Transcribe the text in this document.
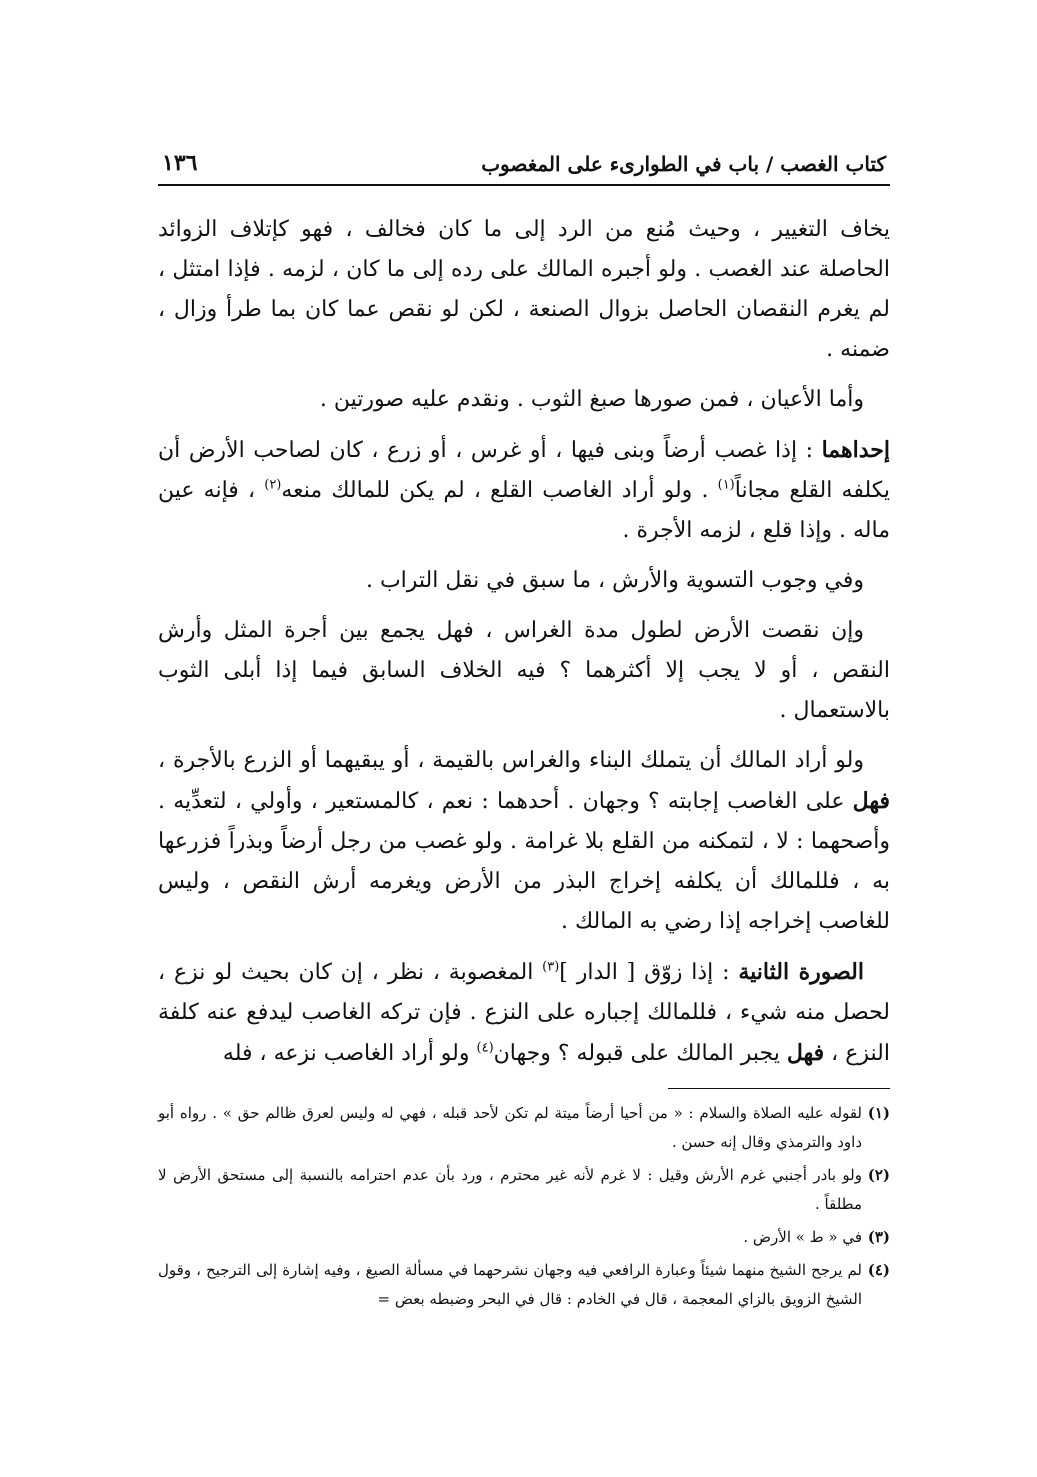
كتاب الغصب / باب في الطوارىء على المغصوب
١٣٦

يخاف التغيير ، وحيث مُنع من الرد إلى ما كان فخالف ، فهو كإتلاف الزوائد الحاصلة عند الغصب . ولو أجبره المالك على رده إلى ما كان ، لزمه . فإذا امتثل ، لم يغرم النقصان الحاصل بزوال الصنعة ، لكن لو نقص عما كان بما طرأ وزال ، ضمنه .

وأما الأعيان ، فمن صورها صبغ الثوب . ونقدم عليه صورتين .

إحداهما : إذا غصب أرضاً وبنى فيها ، أو غرس ، أو زرع ، كان لصاحب الأرض أن يكلفه القلع مجاناً$^{(١)}$ . ولو أراد الغاصب القلع ، لم يكن للمالك منعه$^{(٢)}$ ، فإنه عين ماله . وإذا قلع ، لزمه الأجرة .

وفي وجوب التسوية والأرش ، ما سبق في نقل التراب .

وإن نقصت الأرض لطول مدة الغراس ، فهل يجمع بين أجرة المثل وأرش النقص ، أو لا يجب إلا أكثرهما ؟ فيه الخلاف السابق فيما إذا أبلى الثوب بالاستعمال .

ولو أراد المالك أن يتملك البناء والغراس بالقيمة ، أو يبقيهما أو الزرع بالأجرة ، فهل على الغاصب إجابته ؟ وجهان . أحدهما : نعم ، كالمستعير ، وأولي ، لتعدِّيه . وأصحهما : لا ، لتمكنه من القلع بلا غرامة . ولو غصب من رجل أرضاً وبذراً فزرعها به ، فللمالك أن يكلفه إخراج البذر من الأرض ويغرمه أرش النقص ، وليس للغاصب إخراجه إذا رضي به المالك .

الصورة الثانية : إذا زوّق [ الدار ]$^{(٣)}$ المغصوبة ، نظر ، إن كان بحيث لو نزع ، لحصل منه شيء ، فللمالك إجباره على النزع . فإن تركه الغاصب ليدفع عنه كلفة النزع ، فهل يجبر المالك على قبوله ؟ وجهان$^{(٤)}$ ولو أراد الغاصب نزعه ، فله

(١)
لقوله عليه الصلاة والسلام : « من أحيا أرضاً ميتة لم تكن لأحد قبله ، فهي له وليس لعرق ظالم حق » . رواه أبو داود والترمذي وقال إنه حسن .
(٢)
ولو بادر أجنبي غرم الأرش وقيل : لا غرم لأنه غير محترم ، ورد بأن عدم احترامه بالنسبة إلى مستحق الأرض لا مطلقاً .
(٣)
في « ط » الأرض .
(٤)
لم يرجح الشيخ منهما شيئاً وعبارة الرافعي فيه وجهان نشرحهما في مسألة الصيغ ، وفيه إشارة إلى الترجيح ، وقول الشيخ الزويق بالزاي المعجمة ، قال في الخادم : قال في البحر وضبطه بعض =
